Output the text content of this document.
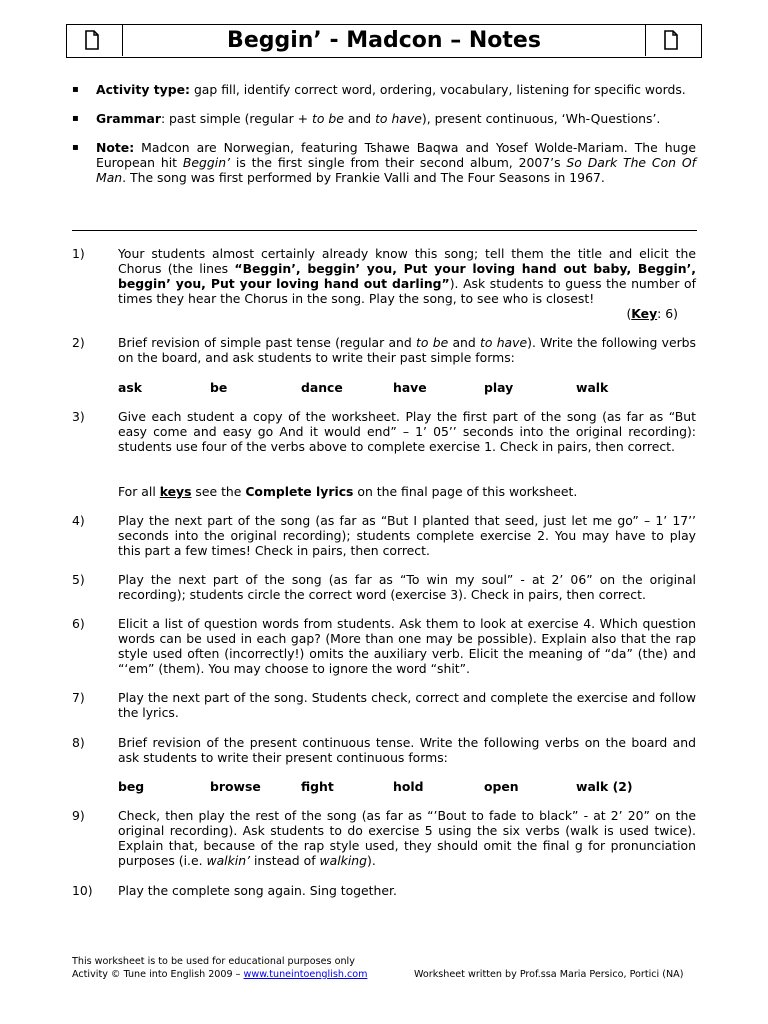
Beggin’ - Madcon – Notes
▪ Activity type: gap fill, identify correct word, ordering, vocabulary, listening for specific words.
▪ Grammar: past simple (regular + to be and to have), present continuous, ‘Wh-Questions’.
▪ Note: Madcon are Norwegian, featuring Tshawe Baqwa and Yosef Wolde-Mariam. The huge European hit Beggin’ is the first single from their second album, 2007’s So Dark The Con Of Man. The song was first performed by Frankie Valli and The Four Seasons in 1967.
1)	Your students almost certainly already know this song; tell them the title and elicit the Chorus (the lines “Beggin’, beggin’ you, Put your loving hand out baby, Beggin’, beggin’ you, Put your loving hand out darling”). Ask students to guess the number of times they hear the Chorus in the song. Play the song, to see who is closest!
(Key: 6)
2)	Brief revision of simple past tense (regular and to be and to have). Write the following verbs on the board, and ask students to write their past simple forms:
ask	be	dance	have	play	walk
3)	Give each student a copy of the worksheet. Play the first part of the song (as far as “But easy come and easy go And it would end” – 1’ 05’’ seconds into the original recording): students use four of the verbs above to complete exercise 1. Check in pairs, then correct.
For all keys see the Complete lyrics on the final page of this worksheet.
4)	Play the next part of the song (as far as “But I planted that seed, just let me go” – 1’ 17’’ seconds into the original recording); students complete exercise 2. You may have to play this part a few times! Check in pairs, then correct.
5)	Play the next part of the song (as far as “To win my soul” - at 2’ 06” on the original recording); students circle the correct word (exercise 3). Check in pairs, then correct.
6)	Elicit a list of question words from students. Ask them to look at exercise 4. Which question words can be used in each gap? (More than one may be possible). Explain also that the rap style used often (incorrectly!) omits the auxiliary verb. Elicit the meaning of “da” (the) and “‘em” (them). You may choose to ignore the word “shit”.
7)	Play the next part of the song. Students check, correct and complete the exercise and follow the lyrics.
8)	Brief revision of the present continuous tense. Write the following verbs on the board and ask students to write their present continuous forms:
beg	browse	fight	hold	open	walk (2)
9)	Check, then play the rest of the song (as far as “’Bout to fade to black” - at 2’ 20” on the original recording). Ask students to do exercise 5 using the six verbs (walk is used twice). Explain that, because of the rap style used, they should omit the final g for pronunciation purposes (i.e. walkin’ instead of walking).
10) Play the complete song again. Sing together.
This worksheet is to be used for educational purposes only
Activity © Tune into English 2009 – www.tuneintoenglish.com	Worksheet written by Prof.ssa Maria Persico, Portici (NA)
